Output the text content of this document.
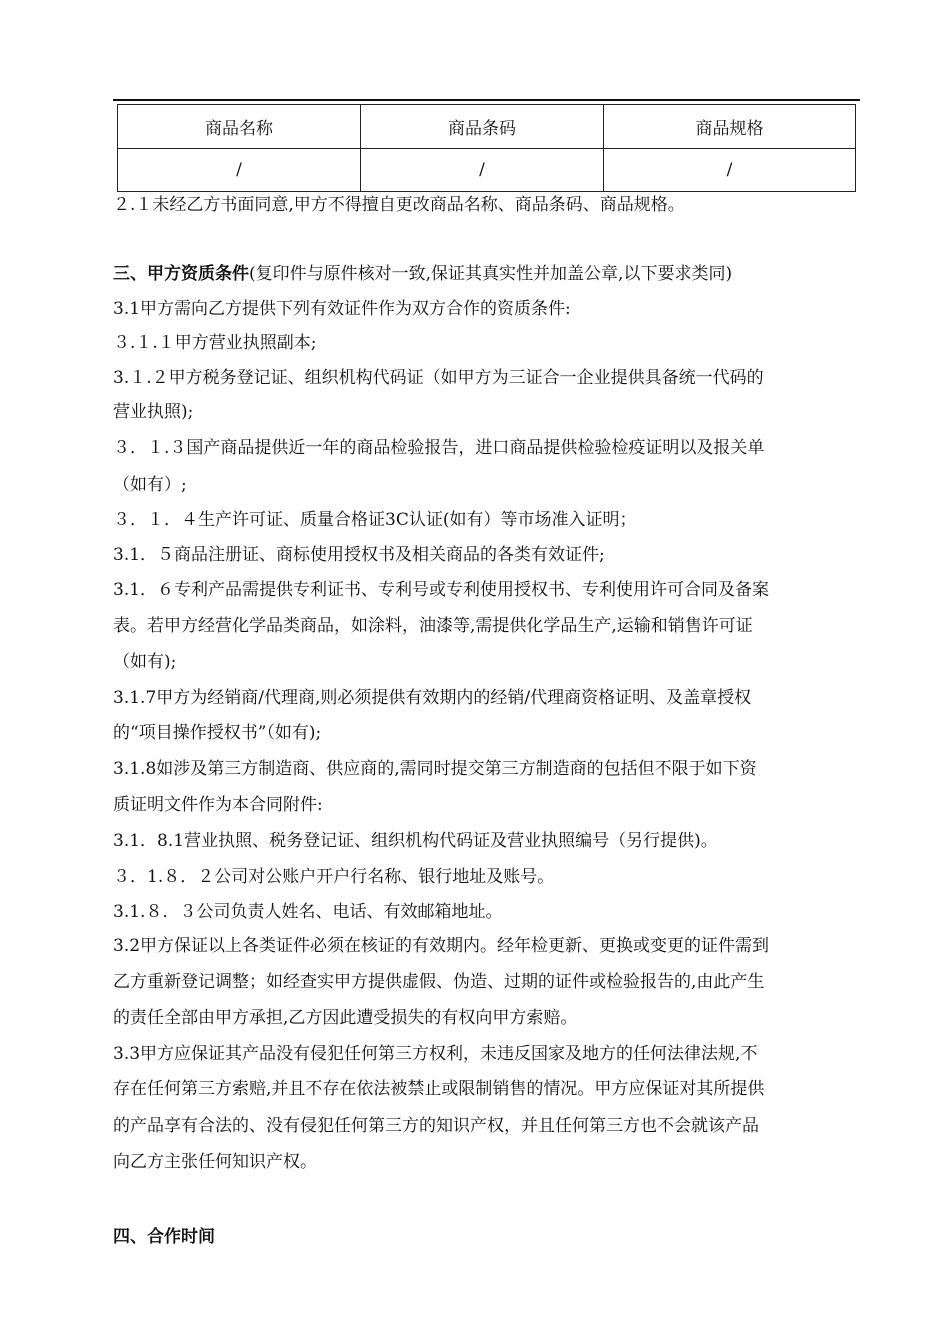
商品名称	商品条码	商品规格
/	/	/
２.１未经乙方书面同意,甲方不得擅自更改商品名称、商品条码、商品规格。
三、甲方资质条件(复印件与原件核对一致,保证其真实性并加盖公章,以下要求类同)
3.1甲方需向乙方提供下列有效证件作为双方合作的资质条件:
３.１.１甲方营业执照副本;
3.１.２甲方税务登记证、组织机构代码证（如甲方为三证合一企业提供具备统一代码的
营业执照);
３．１.３国产商品提供近一年的商品检验报告，进口商品提供检验检疫证明以及报关单
（如有）;
３．１．４生产许可证、质量合格证3C认证(如有）等市场准入证明；
3.1．５商品注册证、商标使用授权书及相关商品的各类有效证件;
3.1．６专利产品需提供专利证书、专利号或专利使用授权书、专利使用许可合同及备案
表。若甲方经营化学品类商品，如涂料，油漆等,需提供化学品生产,运输和销售许可证
（如有);
3.1.7甲方为经销商/代理商,则必须提供有效期内的经销/代理商资格证明、及盖章授权
的“项目操作授权书”（如有);
3.1.8如涉及第三方制造商、供应商的,需同时提交第三方制造商的包括但不限于如下资
质证明文件作为本合同附件:
3.1．8.1营业执照、税务登记证、组织机构代码证及营业执照编号（另行提供)。
３．1.８．２公司对公账户开户行名称、银行地址及账号。
3.1.８．３公司负责人姓名、电话、有效邮箱地址。
3.2甲方保证以上各类证件必须在核证的有效期内。经年检更新、更换或变更的证件需到
乙方重新登记调整；如经查实甲方提供虚假、伪造、过期的证件或检验报告的,由此产生
的责任全部由甲方承担,乙方因此遭受损失的有权向甲方索赔。
3.3甲方应保证其产品没有侵犯任何第三方权利，未违反国家及地方的任何法律法规,不
存在任何第三方索赔,并且不存在依法被禁止或限制销售的情况。甲方应保证对其所提供
的产品享有合法的、没有侵犯任何第三方的知识产权，并且任何第三方也不会就该产品
向乙方主张任何知识产权。
四、合作时间
